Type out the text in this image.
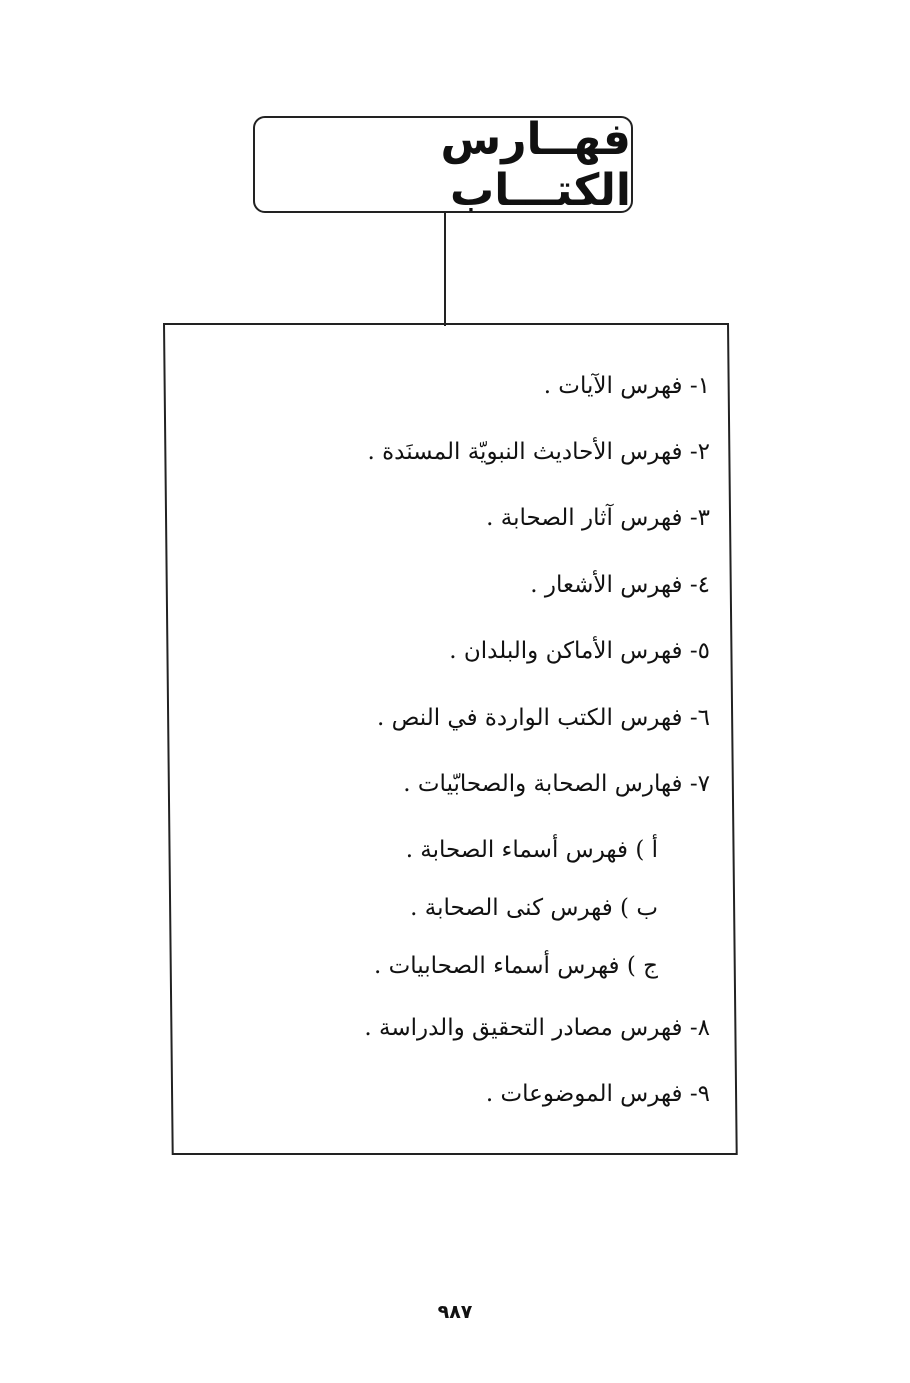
فهــارس الكتـــاب
١- فهرس الآيات .
٢- فهرس الأحاديث النبويّة المسنَدة .
٣- فهرس آثار الصحابة .
٤- فهرس الأشعار .
٥- فهرس الأماكن والبلدان .
٦- فهرس الكتب الواردة في النص .
٧- فهارس الصحابة والصحابّيات .
أ ) فهرس أسماء الصحابة .
ب ) فهرس كنى الصحابة .
ج ) فهرس أسماء الصحابيات .
٨- فهرس مصادر التحقيق والدراسة .
٩- فهرس الموضوعات .
٩٨٧
